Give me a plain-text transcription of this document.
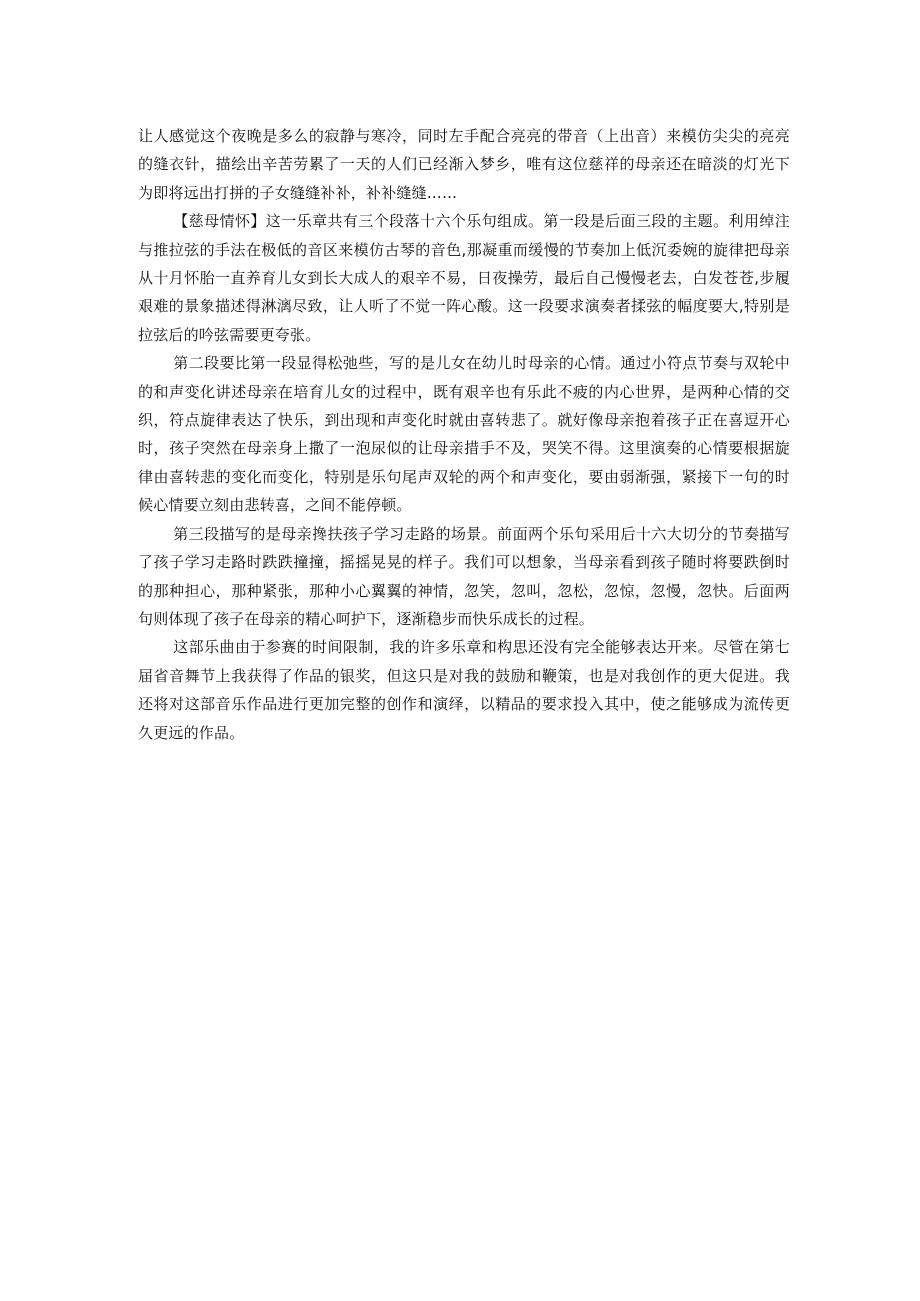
让人感觉这个夜晚是多么的寂静与寒冷，同时左手配合亮亮的带音（上出音）来模仿尖尖的亮亮的缝衣针，描绘出辛苦劳累了一天的人们已经渐入梦乡，唯有这位慈祥的母亲还在暗淡的灯光下为即将远出打拼的子女缝缝补补，补补缝缝……

【慈母情怀】这一乐章共有三个段落十六个乐句组成。第一段是后面三段的主题。利用绰注与推拉弦的手法在极低的音区来模仿古琴的音色,那凝重而缓慢的节奏加上低沉委婉的旋律把母亲从十月怀胎一直养育儿女到长大成人的艰辛不易，日夜操劳，最后自己慢慢老去，白发苍苍,步履艰难的景象描述得淋漓尽致，让人听了不觉一阵心酸。这一段要求演奏者揉弦的幅度要大,特别是拉弦后的吟弦需要更夸张。

第二段要比第一段显得松弛些，写的是儿女在幼儿时母亲的心情。通过小符点节奏与双轮中的和声变化讲述母亲在培育儿女的过程中，既有艰辛也有乐此不疲的内心世界，是两种心情的交织，符点旋律表达了快乐，到出现和声变化时就由喜转悲了。就好像母亲抱着孩子正在喜逗开心时，孩子突然在母亲身上撒了一泡尿似的让母亲措手不及，哭笑不得。这里演奏的心情要根据旋律由喜转悲的变化而变化，特别是乐句尾声双轮的两个和声变化，要由弱渐强，紧接下一句的时候心情要立刻由悲转喜，之间不能停顿。

第三段描写的是母亲搀扶孩子学习走路的场景。前面两个乐句采用后十六大切分的节奏描写了孩子学习走路时跌跌撞撞，摇摇晃晃的样子。我们可以想象，当母亲看到孩子随时将要跌倒时的那种担心，那种紧张，那种小心翼翼的神情，忽笑，忽叫，忽松，忽惊，忽慢，忽快。后面两句则体现了孩子在母亲的精心呵护下，逐渐稳步而快乐成长的过程。

这部乐曲由于参赛的时间限制，我的许多乐章和构思还没有完全能够表达开来。尽管在第七届省音舞节上我获得了作品的银奖，但这只是对我的鼓励和鞭策，也是对我创作的更大促进。我还将对这部音乐作品进行更加完整的创作和演绎，以精品的要求投入其中，使之能够成为流传更久更远的作品。
